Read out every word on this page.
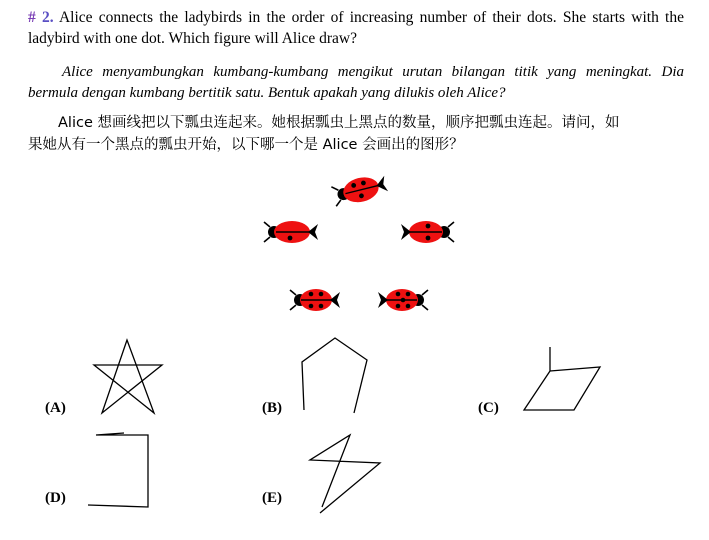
# 2. Alice connects the ladybirds in the order of increasing number of their dots. She starts with the ladybird with one dot. Which figure will Alice draw?
Alice menyambungkan kumbang-kumbang mengikut urutan bilangan titik yang meningkat. Dia bermula dengan kumbang bertitik satu. Bentuk apakah yang dilukis oleh Alice?
Alice 想画线把以下瓢虫连起来。她根据瓢虫上黑点的数量，顺序把瓢虫连起。请问，如
果她从有一个黑点的瓢虫开始，以下哪一个是 Alice 会画出的图形？
(A)	(B)	(C)
(D)	(E)
